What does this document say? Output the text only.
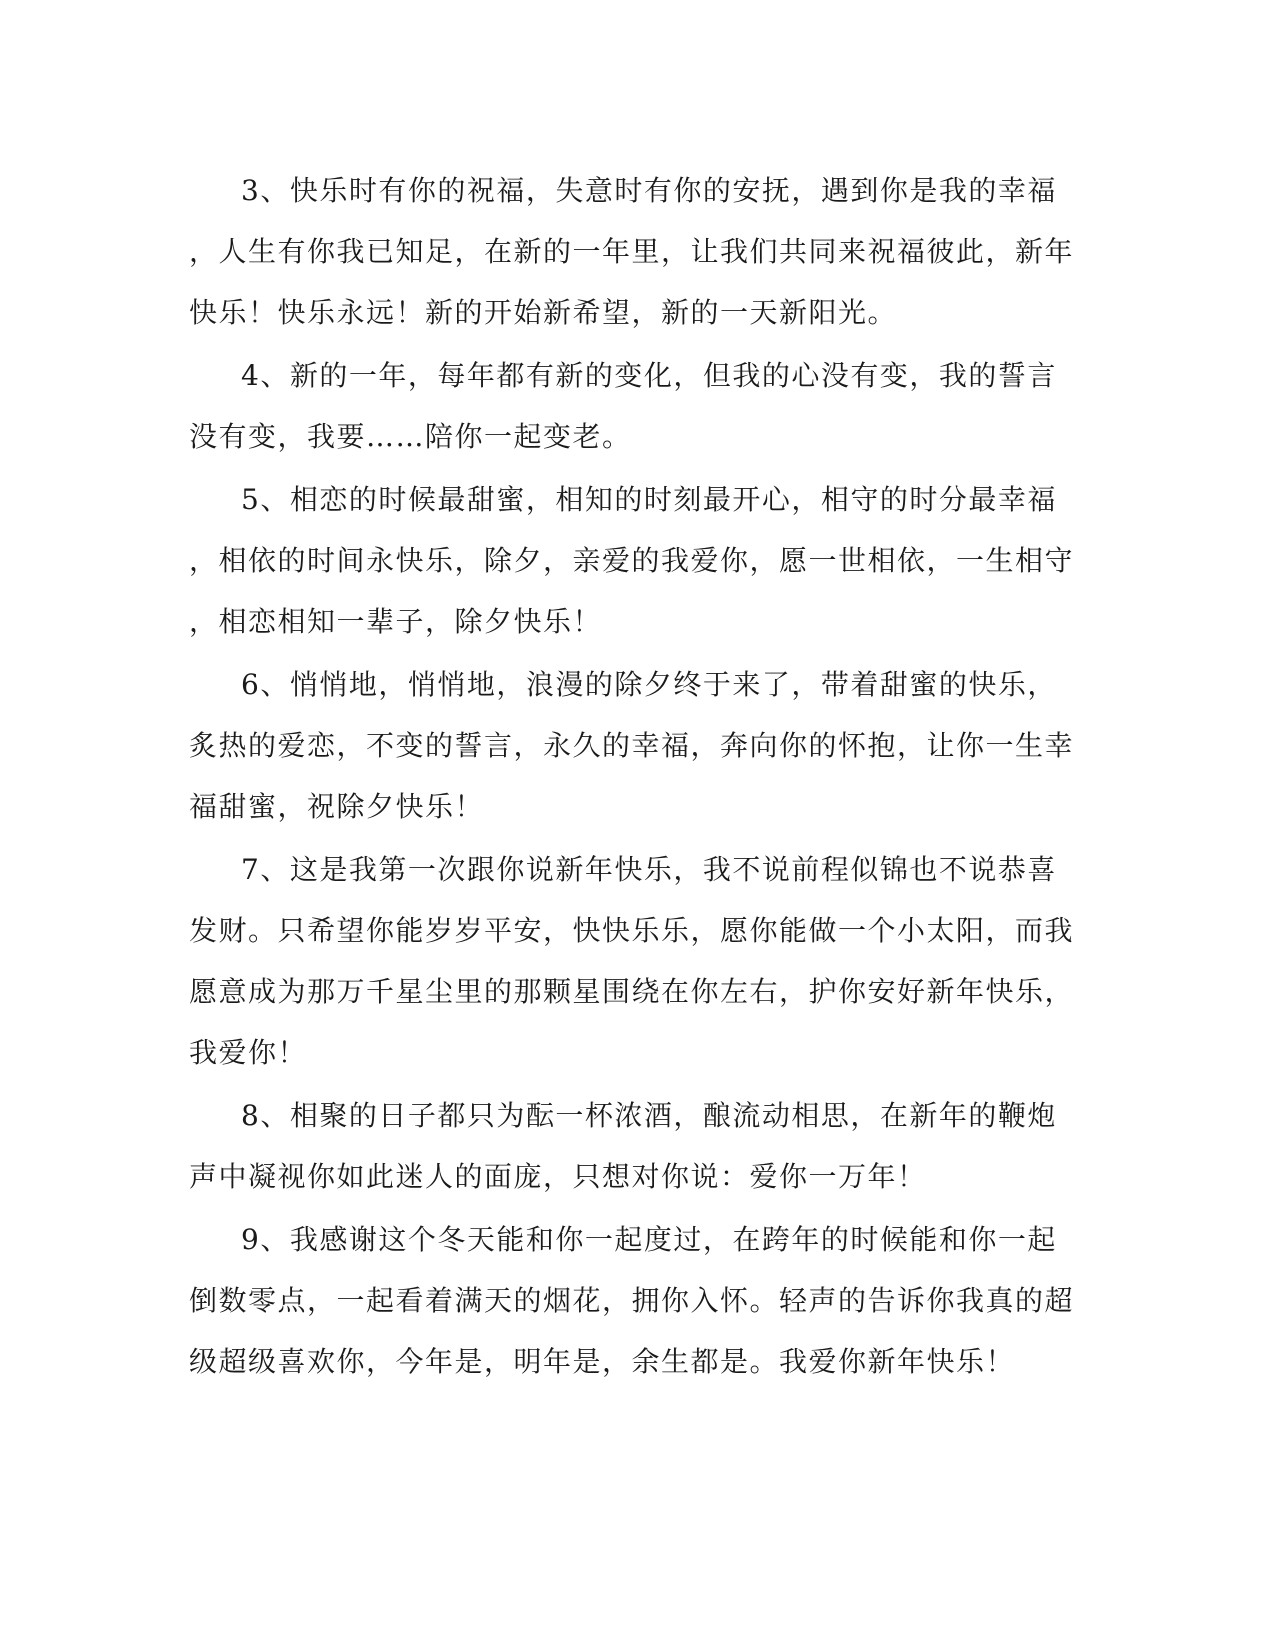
3、快乐时有你的祝福，失意时有你的安抚，遇到你是我的幸福
，人生有你我已知足，在新的一年里，让我们共同来祝福彼此，新年
快乐！快乐永远！新的开始新希望，新的一天新阳光。

4、新的一年，每年都有新的变化，但我的心没有变，我的誓言
没有变，我要……陪你一起变老。

5、相恋的时候最甜蜜，相知的时刻最开心，相守的时分最幸福
，相依的时间永快乐，除夕，亲爱的我爱你，愿一世相依，一生相守
，相恋相知一辈子，除夕快乐！

6、悄悄地，悄悄地，浪漫的除夕终于来了，带着甜蜜的快乐，
炙热的爱恋，不变的誓言，永久的幸福，奔向你的怀抱，让你一生幸
福甜蜜，祝除夕快乐！

7、这是我第一次跟你说新年快乐，我不说前程似锦也不说恭喜
发财。只希望你能岁岁平安，快快乐乐，愿你能做一个小太阳，而我
愿意成为那万千星尘里的那颗星围绕在你左右，护你安好新年快乐，
我爱你！

8、相聚的日子都只为酝一杯浓酒，酿流动相思，在新年的鞭炮
声中凝视你如此迷人的面庞，只想对你说：爱你一万年！

9、我感谢这个冬天能和你一起度过，在跨年的时候能和你一起
倒数零点，一起看着满天的烟花，拥你入怀。轻声的告诉你我真的超
级超级喜欢你，今年是，明年是，余生都是。我爱你新年快乐！
